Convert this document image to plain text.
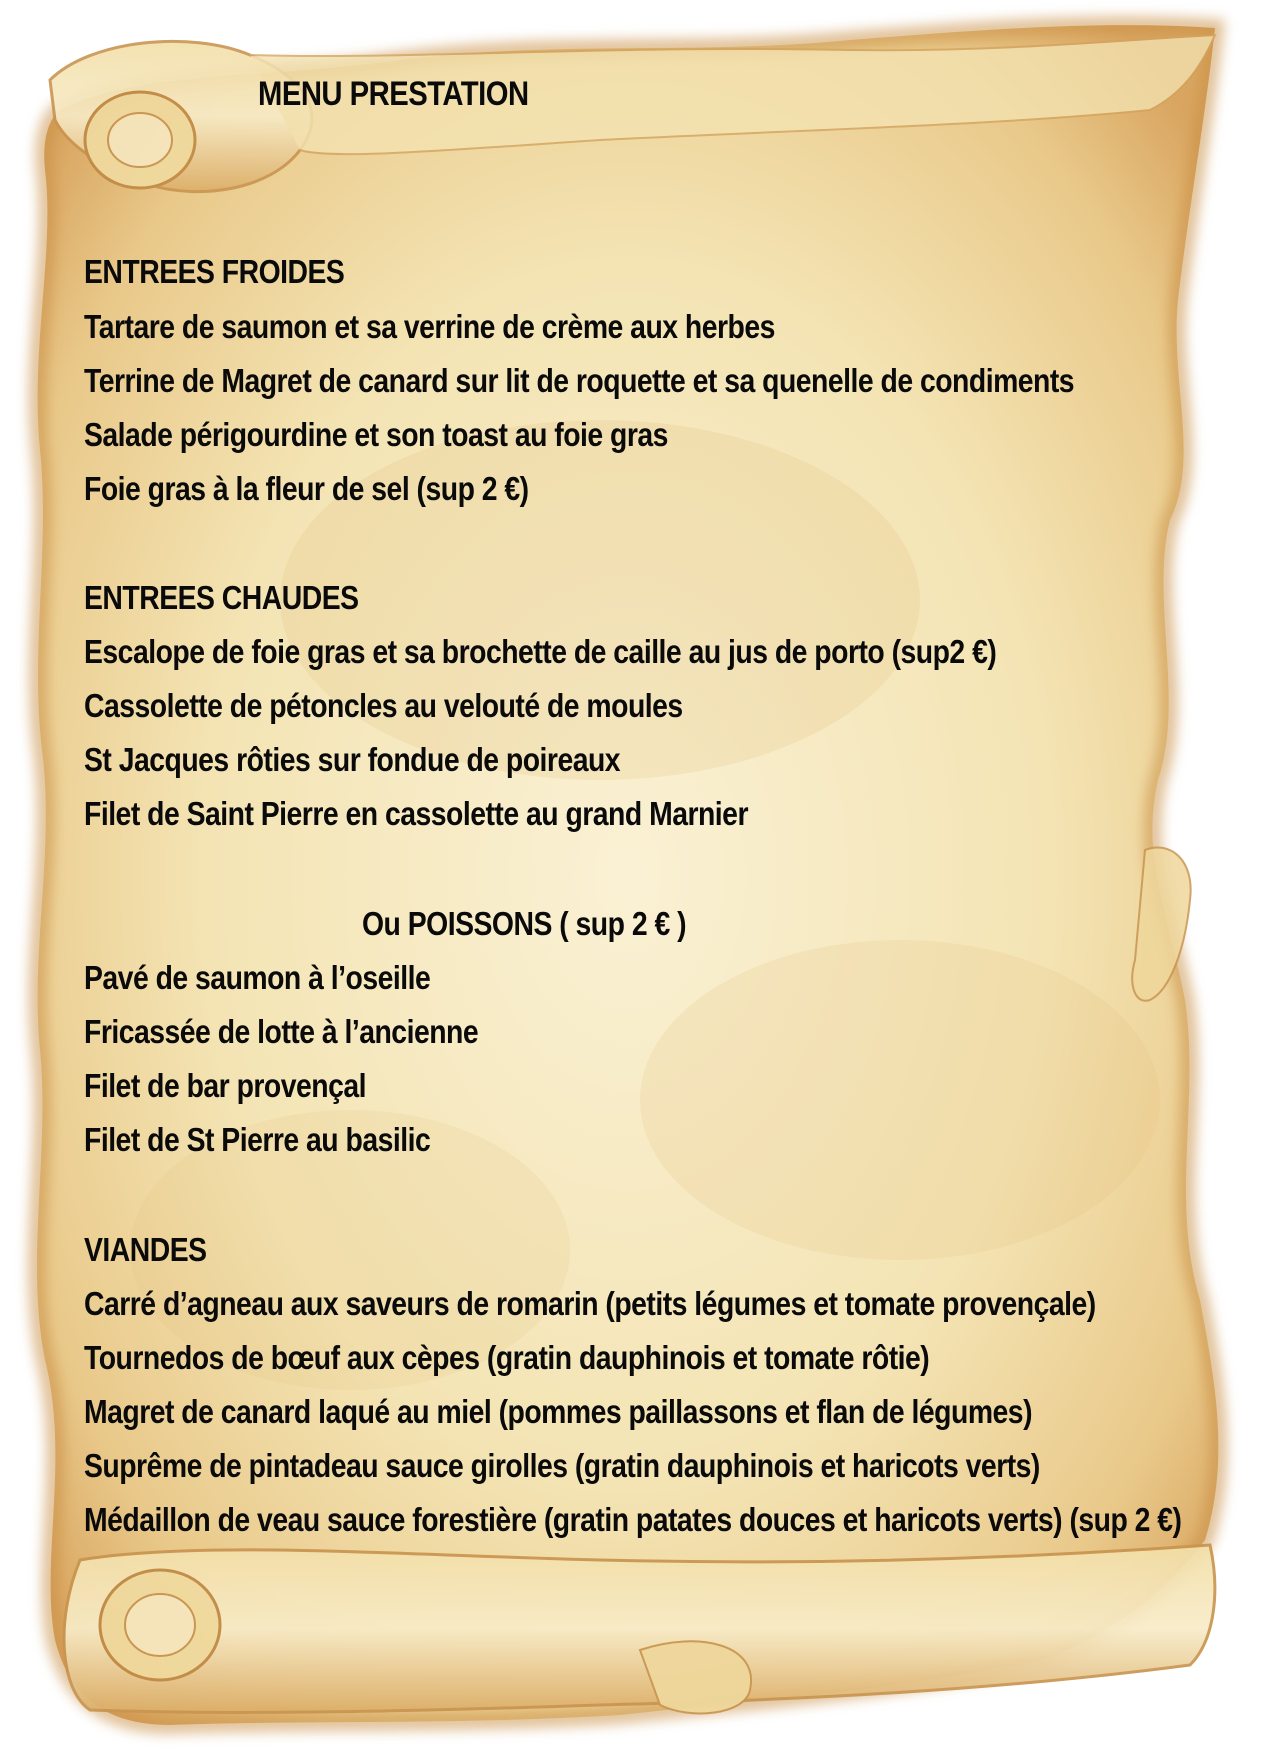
MENU PRESTATION
ENTREES FROIDES
Tartare de saumon et sa verrine de crème aux herbes
Terrine de Magret de canard sur lit de roquette et sa quenelle de condiments
Salade périgourdine et son toast au foie gras
Foie gras à la fleur de sel (sup 2 €)
ENTREES CHAUDES
Escalope de foie gras et sa brochette de caille au jus de porto (sup2 €)
Cassolette de pétoncles au velouté de moules
St Jacques rôties sur fondue de poireaux
Filet de Saint Pierre en cassolette au grand Marnier
Ou POISSONS ( sup 2 € )
Pavé de saumon à l’oseille
Fricassée de lotte à l’ancienne
Filet de bar provençal
Filet de St Pierre au basilic
VIANDES
Carré d’agneau aux saveurs de romarin (petits légumes et tomate provençale)
Tournedos de bœuf aux cèpes (gratin dauphinois et tomate rôtie)
Magret de canard laqué au miel (pommes paillassons et flan de légumes)
Suprême de pintadeau sauce girolles (gratin dauphinois et haricots verts)
Médaillon de veau sauce forestière (gratin patates douces et haricots verts) (sup 2 €)
